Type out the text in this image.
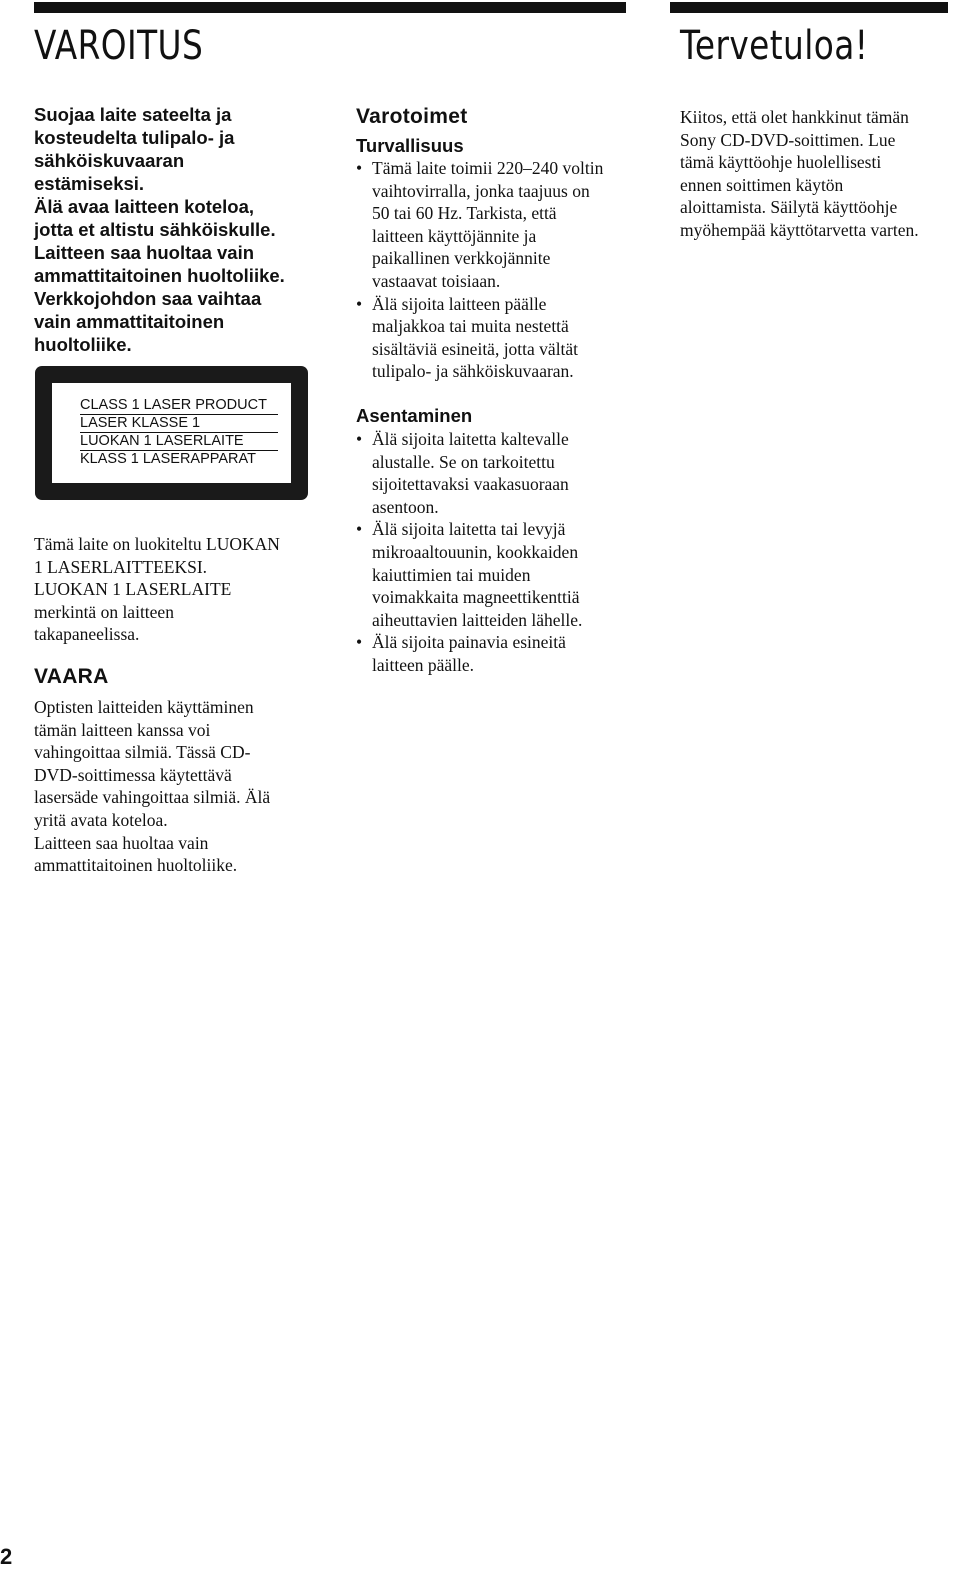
VAROITUS	Tervetuloa!

Suojaa laite sateelta ja

kosteudelta tulipalo- ja

sähköiskuvaaran

estämiseksi.

Älä avaa laitteen koteloa,

jotta et altistu sähköiskulle.

Laitteen saa huoltaa vain

ammattitaitoinen huoltoliike.

Verkkojohdon saa vaihtaa

vain ammattitaitoinen

huoltoliike.

CLASS 1 LASER PRODUCT
LASER KLASSE 1
LUOKAN 1 LASERLAITE
KLASS 1 LASERAPPARAT

Tämä laite on luokiteltu LUOKAN

1 LASERLAITTEEKSI.

LUOKAN 1 LASERLAITE

merkintä on laitteen

takapaneelissa.

VAARA

Optisten laitteiden käyttäminen

tämän laitteen kanssa voi

vahingoittaa silmiä. Tässä CD-

DVD-soittimessa käytettävä

lasersäde vahingoittaa silmiä. Älä

yritä avata koteloa.

Laitteen saa huoltaa vain

ammattitaitoinen huoltoliike.

Varotoimet
Turvallisuus
• Tämä laite toimii 220–240 voltin
vaihtovirralla, jonka taajuus on
50 tai 60 Hz. Tarkista, että
laitteen käyttöjännite ja
paikallinen verkkojännite
vastaavat toisiaan.
• Älä sijoita laitteen päälle
maljakkoa tai muita nestettä
sisältäviä esineitä, jotta vältät
tulipalo- ja sähköiskuvaaran.
Asentaminen
• Älä sijoita laitetta kaltevalle
alustalle. Se on tarkoitettu
sijoitettavaksi vaakasuoraan
asentoon.
• Älä sijoita laitetta tai levyjä
mikroaaltouunin, kookkaiden
kaiuttimien tai muiden
voimakkaita magneettikenttiä
aiheuttavien laitteiden lähelle.
• Älä sijoita painavia esineitä
laitteen päälle.

Kiitos, että olet hankkinut tämän

Sony CD-DVD-soittimen. Lue

tämä käyttöohje huolellisesti

ennen soittimen käytön

aloittamista. Säilytä käyttöohje

myöhempää käyttötarvetta varten.

2
